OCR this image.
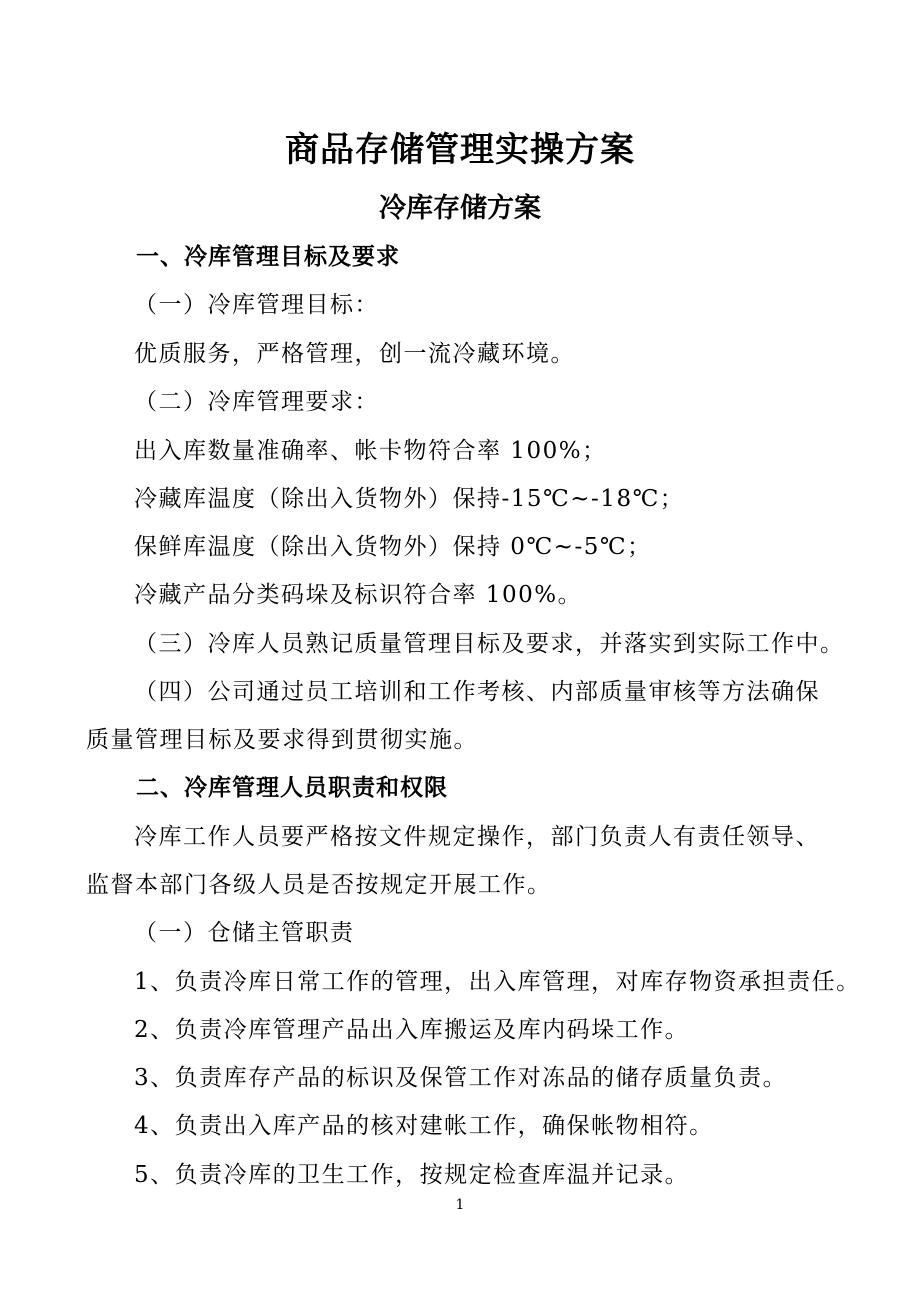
商品存储管理实操方案
冷库存储方案
一、冷库管理目标及要求
（一）冷库管理目标：
优质服务，严格管理，创一流冷藏环境。
（二）冷库管理要求：
出入库数量准确率、帐卡物符合率 100%；
冷藏库温度（除出入货物外）保持-15℃~-18℃；
保鲜库温度（除出入货物外）保持 0℃~-5℃；
冷藏产品分类码垛及标识符合率 100%。
（三）冷库人员熟记质量管理目标及要求，并落实到实际工作中。
（四）公司通过员工培训和工作考核、内部质量审核等方法确保
质量管理目标及要求得到贯彻实施。
二、冷库管理人员职责和权限
冷库工作人员要严格按文件规定操作，部门负责人有责任领导、
监督本部门各级人员是否按规定开展工作。
（一）仓储主管职责
1、负责冷库日常工作的管理，出入库管理，对库存物资承担责任。
2、负责冷库管理产品出入库搬运及库内码垛工作。
3、负责库存产品的标识及保管工作对冻品的储存质量负责。
4、负责出入库产品的核对建帐工作，确保帐物相符。
5、负责冷库的卫生工作，按规定检查库温并记录。
1
